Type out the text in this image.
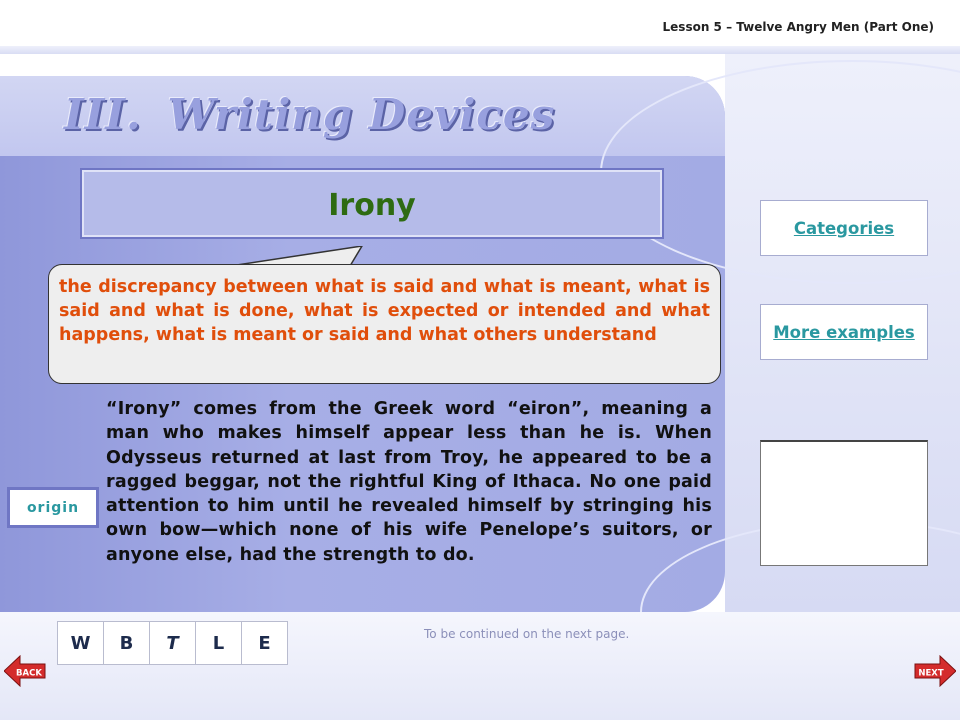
Lesson 5 – Twelve Angry Men (Part One)
III. Writing Devices
Irony

the discrepancy between what is said and what is meant, what is said and what is done, what is expected or intended and what happens, what is meant or said and what others understand

“Irony” comes from the Greek word “eiron”, meaning a man who makes himself appear less than he is. When Odysseus returned at last from Troy, he appeared to be a ragged beggar, not the rightful King of Ithaca. No one paid attention to him until he revealed himself by stringing his own bow—which none of his wife Penelope’s suitors, or anyone else, had the strength to do.

origin
Categories
More examples
W	B	T	L	E	To be continued on the next page.
BACK	NEXT
